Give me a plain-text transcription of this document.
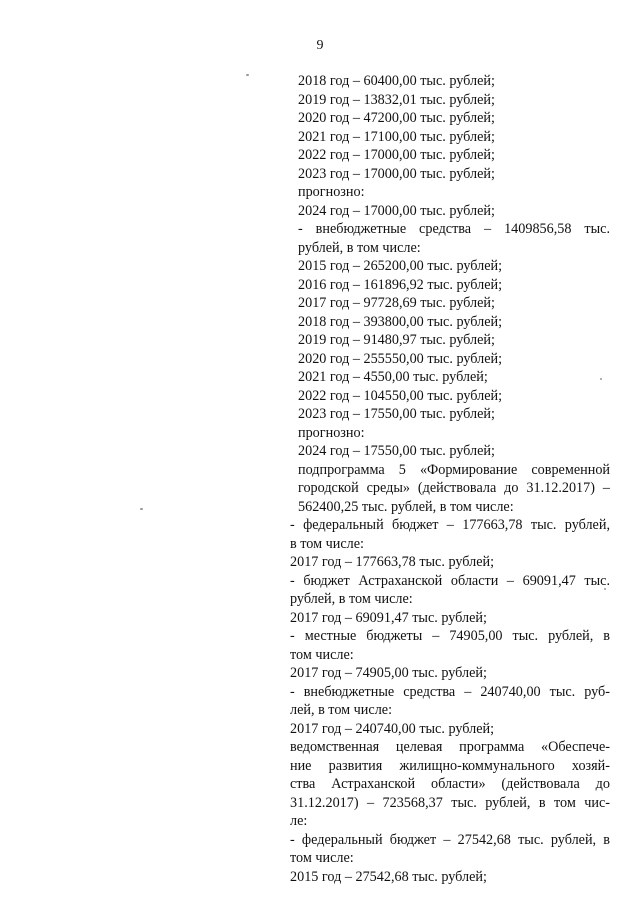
9
2018 год – 60400,00 тыс. рублей;
2019 год – 13832,01 тыс. рублей;
2020 год – 47200,00 тыс. рублей;
2021 год – 17100,00 тыс. рублей;
2022 год – 17000,00 тыс. рублей;
2023 год – 17000,00 тыс. рублей;
прогнозно:
2024 год – 17000,00 тыс. рублей;
- внебюджетные средства – 1409856,58 тыс.
рублей, в том числе:
2015 год – 265200,00 тыс. рублей;
2016 год – 161896,92 тыс. рублей;
2017 год – 97728,69 тыс. рублей;
2018 год – 393800,00 тыс. рублей;
2019 год – 91480,97 тыс. рублей;
2020 год – 255550,00 тыс. рублей;
2021 год – 4550,00 тыс. рублей;
2022 год – 104550,00 тыс. рублей;
2023 год – 17550,00 тыс. рублей;
прогнозно:
2024 год – 17550,00 тыс. рублей;
подпрограмма 5 «Формирование современной
городской среды» (действовала до 31.12.2017) –
562400,25 тыс. рублей, в том числе:
- федеральный бюджет – 177663,78 тыс. рублей,
в том числе:
2017 год – 177663,78 тыс. рублей;
- бюджет Астраханской области – 69091,47 тыс.
рублей, в том числе:
2017 год – 69091,47 тыс. рублей;
- местные бюджеты – 74905,00 тыс. рублей, в
том числе:
2017 год – 74905,00 тыс. рублей;
- внебюджетные средства – 240740,00 тыс. руб-
лей, в том числе:
2017 год – 240740,00 тыс. рублей;
ведомственная целевая программа «Обеспече-
ние развития жилищно-коммунального хозяй-
ства Астраханской области» (действовала до
31.12.2017) – 723568,37 тыс. рублей, в том чис-
ле:
- федеральный бюджет – 27542,68 тыс. рублей, в
том числе:
2015 год – 27542,68 тыс. рублей;
